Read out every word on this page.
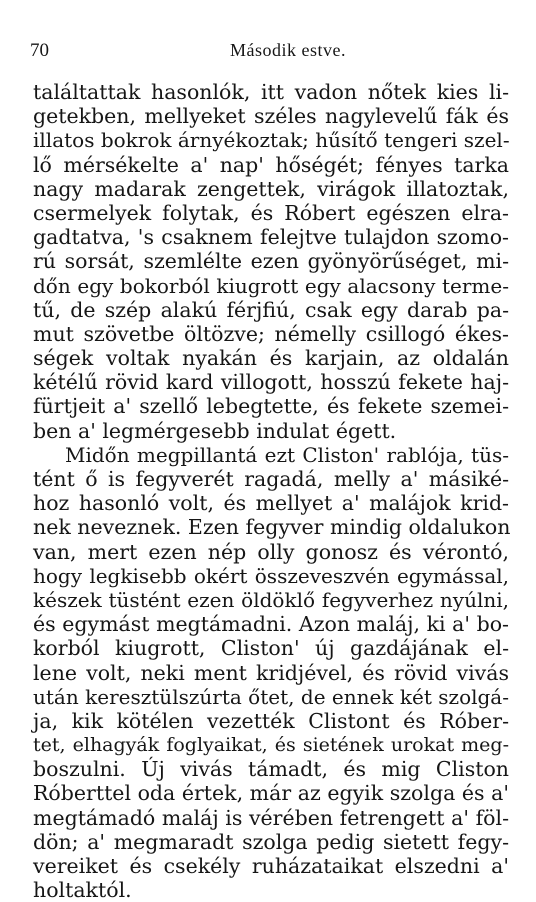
70	Második estve.
találtattak hasonlók, itt vadon nőtek kies li-
getekben, mellyeket széles nagylevelű fák és
illatos bokrok árnyékoztak; hűsítő tengeri szel-
lő mérsékelte a' nap' hőségét; fényes tarka
nagy madarak zengettek, virágok illatoztak,
csermelyek folytak, és Róbert egészen elra-
gadtatva, 's csaknem felejtve tulajdon szomo-
rú sorsát, szemlélte ezen gyönyörűséget, mi-
dőn egy bokorból kiugrott egy alacsony terme-
tű, de szép alakú férjfiú, csak egy darab pa-
mut szövetbe öltözve; némelly csillogó ékes-
ségek voltak nyakán és karjain, az oldalán
kétélű rövid kard villogott, hosszú fekete haj-
fürtjeit a' szellő lebegtette, és fekete szemei-
ben a' legmérgesebb indulat égett.
Midőn megpillantá ezt Cliston' rablója, tüs-
tént ő is fegyverét ragadá, melly a' másiké-
hoz hasonló volt, és mellyet a' malájok krid-
nek neveznek. Ezen fegyver mindig oldalukon
van, mert ezen nép olly gonosz és vérontó,
hogy legkisebb okért összeveszvén egymással,
készek tüstént ezen öldöklő fegyverhez nyúlni,
és egymást megtámadni. Azon maláj, ki a' bo-
korból kiugrott, Cliston' új gazdájának el-
lene volt, neki ment kridjével, és rövid vivás
után keresztülszúrta őtet, de ennek két szolgá-
ja, kik kötélen vezették Clistont és Róber-
tet, elhagyák foglyaikat, és sietének urokat meg-
boszulni. Új vivás támadt, és mig Cliston
Róberttel oda értek, már az egyik szolga és a'
megtámadó maláj is vérében fetrengett a' föl-
dön; a' megmaradt szolga pedig sietett fegy-
vereiket és csekély ruházataikat elszedni a'
holtaktól.
